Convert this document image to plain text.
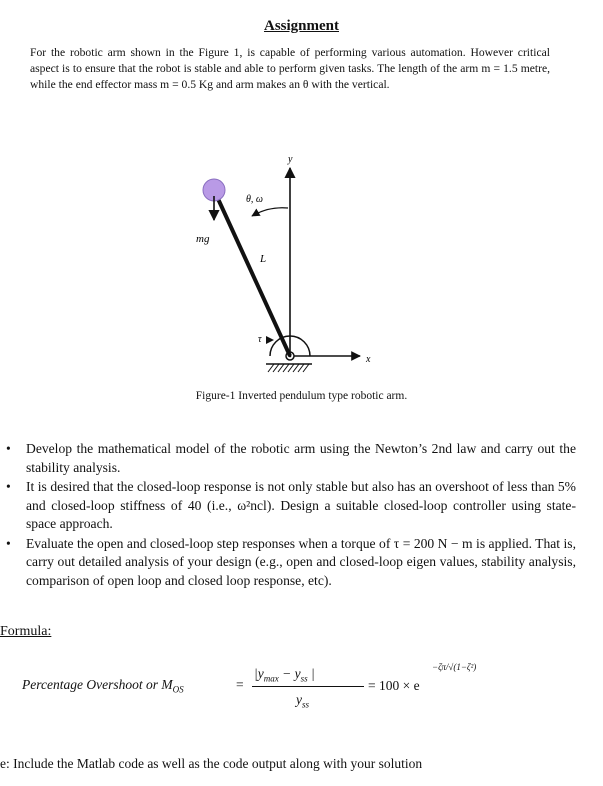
Assignment

For the robotic arm shown in the Figure 1, is capable of performing various automation. However critical aspect is to ensure that the robot is stable and able to perform given tasks. The length of the arm m = 1.5 metre, while the end effector mass m = 0.5 Kg and arm makes an θ with the vertical.

y
x
mg
θ, ω
L
τ
Figure-1 Inverted pendulum type robotic arm.
• Develop the mathematical model of the robotic arm using the Newton’s 2nd law and carry out the stability analysis.
• It is desired that the closed-loop response is not only stable but also has an overshoot of less than 5% and closed-loop stiffness of 40 (i.e., ω²ncl). Design a suitable closed-loop controller using state-space approach.
• Evaluate the open and closed-loop step responses when a torque of τ = 200 N − m is applied. That is, carry out detailed analysis of your design (e.g., open and closed-loop eigen values, stability analysis, comparison of open loop and closed loop response, etc).
Formula:
Percentage Overshoot or $M_{OS}$	=
$|y_{max} - y_{ss}$ |
$y_{ss}$
= 100 × e
−ζπ/√(1−ζ²)
e: Include the Matlab code as well as the code output along with your solution
